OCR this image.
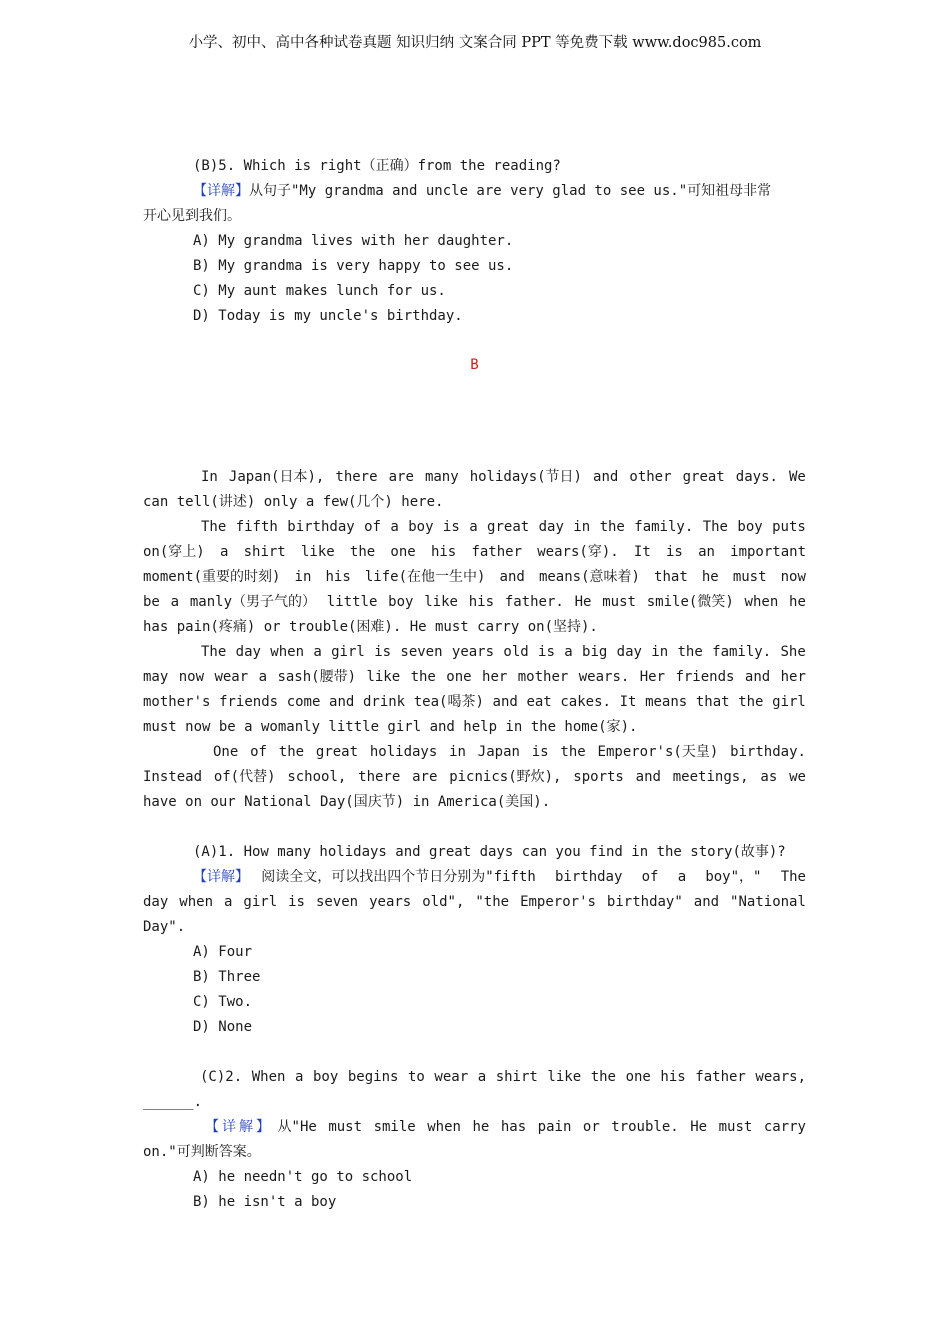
小学、初中、高中各种试卷真题 知识归纳 文案合同 PPT 等免费下载 www.doc985.com
(B)5. Which is right（正确）from the reading?
【详解】从句子"My grandma and uncle are very glad to see us."可知祖母非常
开心见到我们。
A) My grandma lives with her daughter.
B) My grandma is very happy to see us.
C) My aunt makes lunch for us.
D) Today is my uncle's birthday.
B
In Japan(日本), there are many holidays(节日) and other great days. We
can tell(讲述) only a few(几个) here.
The fifth birthday of a boy is a great day in the family. The boy puts
on(穿上) a shirt like the one his father wears(穿). It is an important
moment(重要的时刻) in his life(在他一生中) and means(意味着) that he must now
be a manly（男子气的） little boy like his father. He must smile(微笑) when he
has pain(疼痛) or trouble(困难). He must carry on(坚持).
The day when a girl is seven years old is a big day in the family. She
may now wear a sash(腰带) like the one her mother wears. Her friends and her
mother's friends come and drink tea(喝茶) and eat cakes. It means that the girl
must now be a womanly little girl and help in the home(家).
One of the great holidays in Japan is the Emperor's(天皇) birthday.
Instead of(代替) school, there are picnics(野炊), sports and meetings, as we
have on our National Day(国庆节) in America(美国).
(A)1. How many holidays and great days can you find in the story(故事)?
【详解】 阅读全文，可以找出四个节日分别为"fifth birthday of a boy"，" The
day when a girl is seven years old", "the Emperor's birthday" and "National
Day".
A) Four
B) Three
C) Two.
D) None
(C)2. When a boy begins to wear a shirt like the one his father wears,
______.
【详解】 从"He must smile when he has pain or trouble. He must carry
on."可判断答案。
A) he needn't go to school
B) he isn't a boy
